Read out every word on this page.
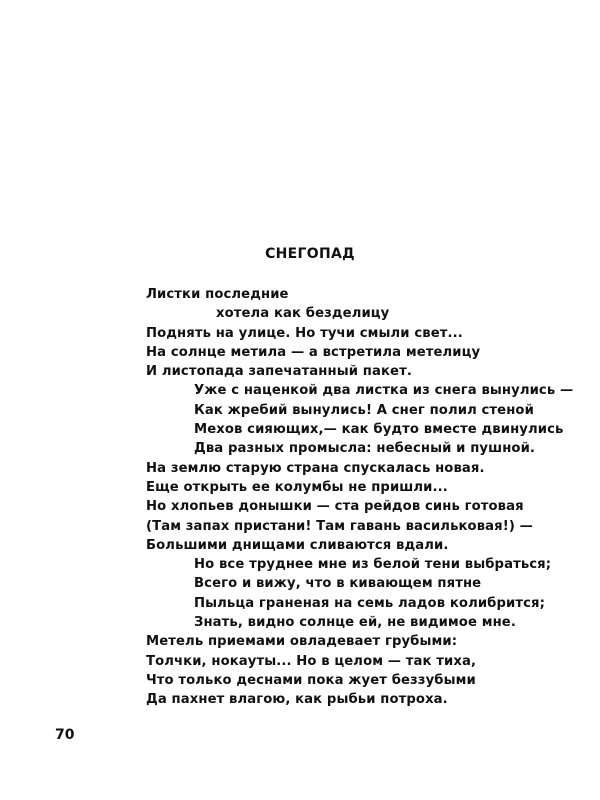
СНЕГОПАД
Листки последние
хотела как безделицу
Поднять на улице. Но тучи смыли свет...
На солнце метила — а встретила метелицу
И листопада запечатанный пакет.
Уже с наценкой два листка из снега вынулись —
Как жребий вынулись! А снег полил стеной
Мехов сияющих,— как будто вместе двинулись
Два разных промысла: небесный и пушной.
На землю старую страна спускалась новая.
Еще открыть ее колумбы не пришли...
Но хлопьев донышки — ста рейдов синь готовая
(Там запах пристани! Там гавань васильковая!) —
Большими днищами сливаются вдали.
Но все труднее мне из белой тени выбраться;
Всего и вижу, что в кивающем пятне
Пыльца граненая на семь ладов колибрится;
Знать, видно солнце ей, не видимое мне.
Метель приемами овладевает грубыми:
Толчки, нокауты... Но в целом — так тиха,
Что только деснами пока жует беззубыми
Да пахнет влагою, как рыбьи потроха.
70
